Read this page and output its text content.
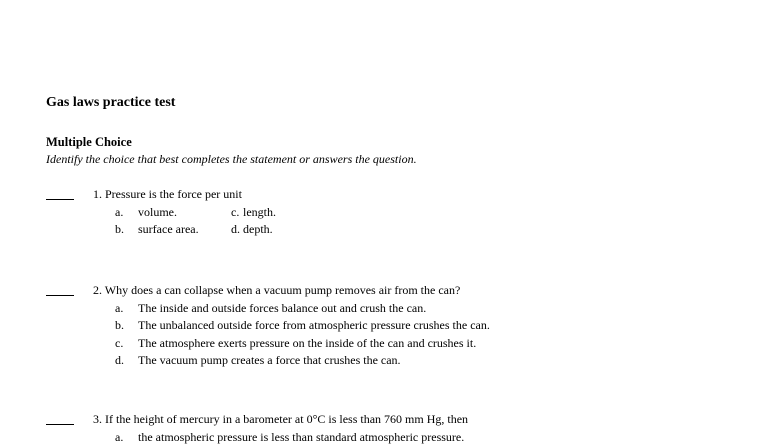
Gas laws practice test
Multiple Choice
Identify the choice that best completes the statement or answers the question.
1. Pressure is the force per unit
a. volume.	c. length.
b. surface area.	d. depth.
2. Why does a can collapse when a vacuum pump removes air from the can?
a. The inside and outside forces balance out and crush the can.
b. The unbalanced outside force from atmospheric pressure crushes the can.
c. The atmosphere exerts pressure on the inside of the can and crushes it.
d. The vacuum pump creates a force that crushes the can.
3. If the height of mercury in a barometer at 0°C is less than 760 mm Hg, then
a. the atmospheric pressure is less than standard atmospheric pressure.
